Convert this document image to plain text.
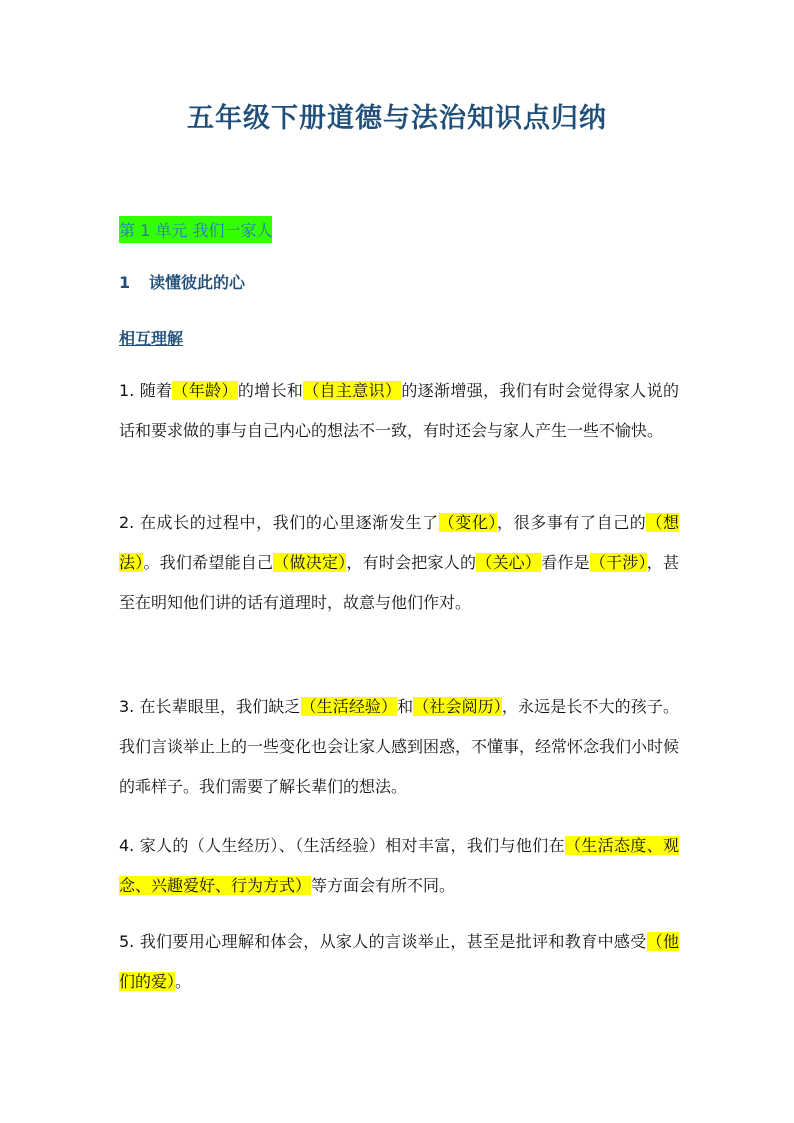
五年级下册道德与法治知识点归纳

第 1 单元 我们一家人

1 读懂彼此的心

相互理解

1. 随着（年龄）的增长和（自主意识）的逐渐增强，我们有时会觉得家人说的话和要求做的事与自己内心的想法不一致，有时还会与家人产生一些不愉快。

2. 在成长的过程中，我们的心里逐渐发生了（变化），很多事有了自己的（想法）。我们希望能自己（做决定），有时会把家人的（关心）看作是（干涉），甚至在明知他们讲的话有道理时，故意与他们作对。

3. 在长辈眼里，我们缺乏（生活经验）和（社会阅历），永远是长不大的孩子。我们言谈举止上的一些变化也会让家人感到困惑，不懂事，经常怀念我们小时候的乖样子。我们需要了解长辈们的想法。

4. 家人的（人生经历）、（生活经验）相对丰富，我们与他们在（生活态度、观念、兴趣爱好、行为方式）等方面会有所不同。

5. 我们要用心理解和体会，从家人的言谈举止，甚至是批评和教育中感受（他们的爱）。
